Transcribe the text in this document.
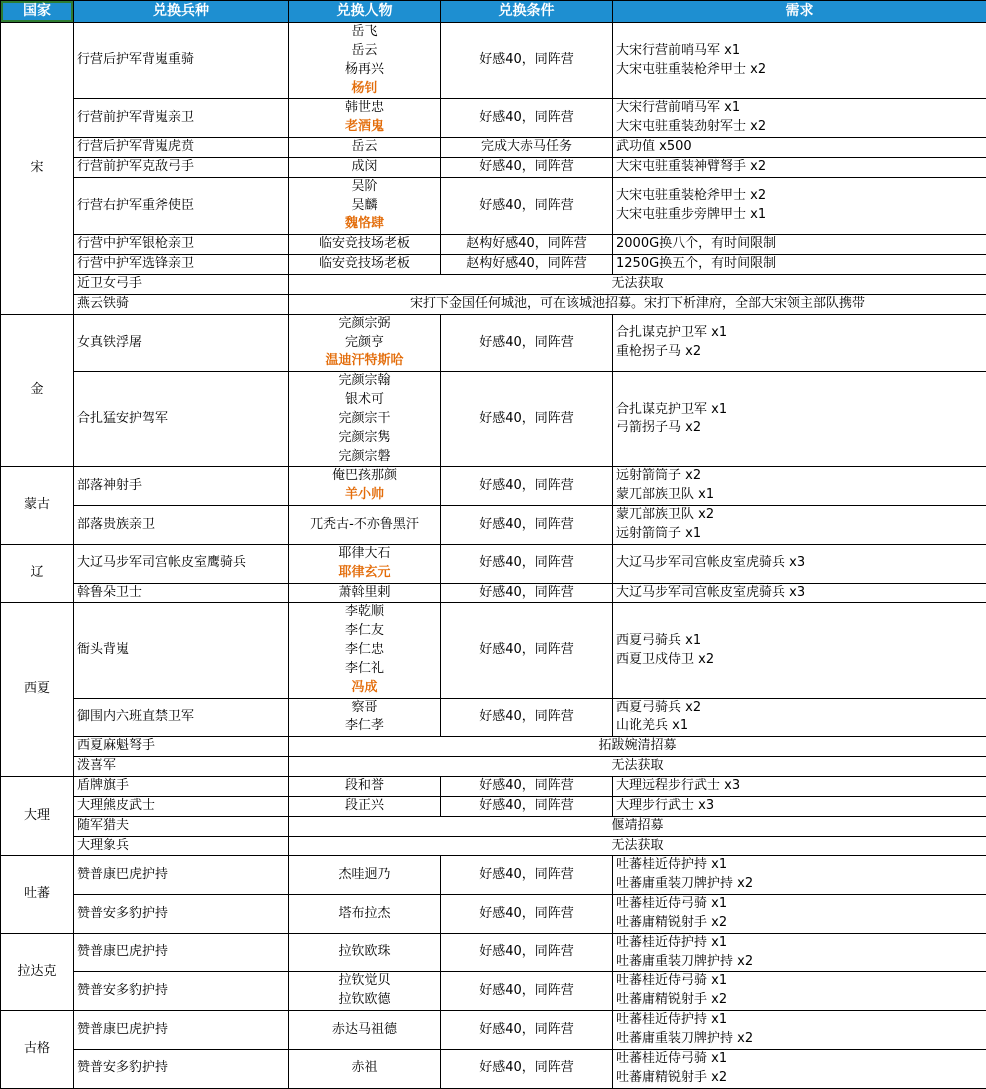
国家	兑换兵种	兑换人物	兑换条件	需求
宋	行营后护军背嵬重骑	岳飞
岳云
杨再兴
杨钊	好感40，同阵营	大宋行营前哨马军 x1
大宋屯驻重装枪斧甲士 x2

	行营前护军背嵬亲卫	韩世忠
老酒鬼	好感40，同阵营	大宋行营前哨马军 x1
大宋屯驻重装劲射军士 x2

	行营后护军背嵬虎贲	岳云	完成大赤马任务	武功值 x500

	行营前护军克敌弓手	成闵	好感40，同阵营	大宋屯驻重装神臂弩手 x2

	行营右护军重斧使臣	吴阶
吴麟
魏恪肆	好感40，同阵营	大宋屯驻重装枪斧甲士 x2
大宋屯驻重步旁牌甲士 x1

	行营中护军银枪亲卫	临安竞技场老板	赵构好感40，同阵营	2000G换八个，有时间限制

	行营中护军选锋亲卫	临安竞技场老板	赵构好感40，同阵营	1250G换五个，有时间限制

	近卫女弓手	无法获取		
	燕云铁骑	宋打下金国任何城池，可在该城池招募。宋打下析津府，全部大宋领主部队携带		
金	女真铁浮屠	完颜宗弼
完颜亨
温迪汗特斯哈	好感40，同阵营	合扎谋克护卫军 x1
重枪拐子马 x2

	合扎猛安护驾军	完颜宗翰
银术可
完颜宗干
完颜宗隽
完颜宗磐	好感40，同阵营	合扎谋克护卫军 x1
弓箭拐子马 x2

蒙古	部落神射手	俺巴孩那颜
羊小帅	好感40，同阵营	远射箭筒子 x2
蒙兀部族卫队 x1

	部落贵族亲卫	兀秃古-不亦鲁黑汗	好感40，同阵营	蒙兀部族卫队 x2
远射箭筒子 x1

辽	大辽马步军司宫帐皮室鹰骑兵	耶律大石
耶律玄元	好感40，同阵营	大辽马步军司宫帐皮室虎骑兵 x3

	斡鲁朵卫士	萧斡里剌	好感40，同阵营	大辽马步军司宫帐皮室虎骑兵 x3

西夏	衙头背嵬	李乾顺
李仁友
李仁忠
李仁礼
冯成	好感40，同阵营	西夏弓骑兵 x1
西夏卫戍侍卫 x2

	御围内六班直禁卫军	察哥
李仁孝	好感40，同阵营	西夏弓骑兵 x2
山讹羌兵 x1

	西夏麻魁弩手	拓跋婉清招募		
	泼喜军	无法获取		
大理	盾牌旗手	段和誉	好感40，同阵营	大理远程步行武士 x3

	大理熊皮武士	段正兴	好感40，同阵营	大理步行武士 x3

	随军猎夫	偃靖招募		
	大理象兵	无法获取		
吐蕃	赞普康巴虎护持	杰哇迥乃	好感40，同阵营	吐蕃桂近侍护持 x1
吐蕃庸重装刀牌护持 x2

	赞普安多豹护持	塔布拉杰	好感40，同阵营	吐蕃桂近侍弓骑 x1
吐蕃庸精锐射手 x2

拉达克	赞普康巴虎护持	拉钦欧珠	好感40，同阵营	吐蕃桂近侍护持 x1
吐蕃庸重装刀牌护持 x2

	赞普安多豹护持	拉钦觉贝
拉钦欧德	好感40，同阵营	吐蕃桂近侍弓骑 x1
吐蕃庸精锐射手 x2

古格	赞普康巴虎护持	赤达马祖德	好感40，同阵营	吐蕃桂近侍护持 x1
吐蕃庸重装刀牌护持 x2

	赞普安多豹护持	赤祖	好感40，同阵营	吐蕃桂近侍弓骑 x1
吐蕃庸精锐射手 x2
